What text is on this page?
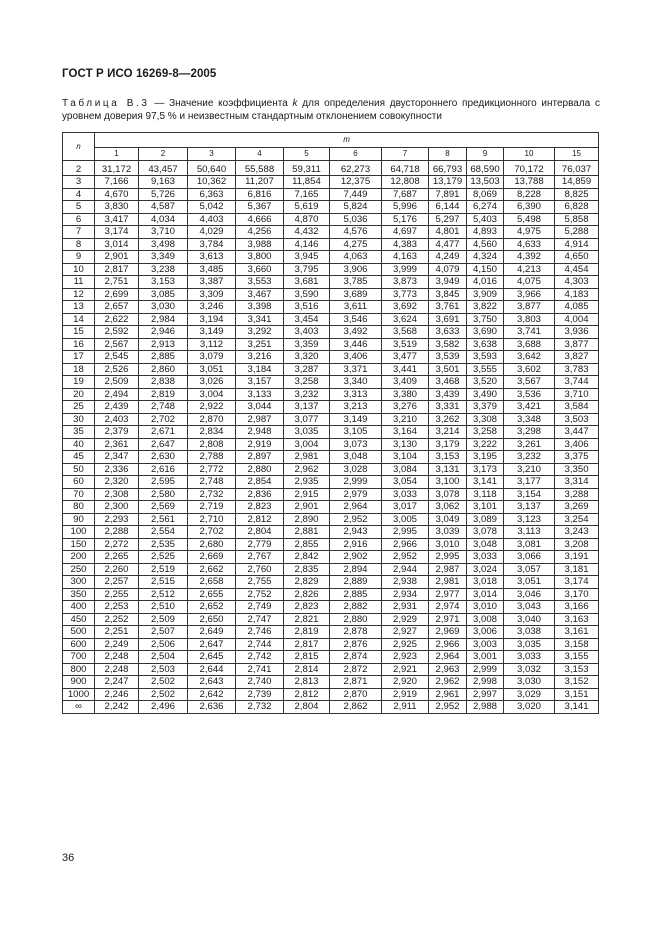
ГОСТ Р ИСО 16269-8—2005
Таблица В.3 — Значение коэффициента k для определения двустороннего предикционного интервала с уровнем доверия 97,5 % и неизвестным стандартным отклонением совокупности
n	m										
	1	2	3	4	5	6	7	8	9	10	15
2	31,172	43,457	50,640	55,588	59,311	62,273	64,718	66,793	68,590	70,172	76,037
3	7,166	9,163	10,362	11,207	11,854	12,375	12,808	13,179	13,503	13,788	14,859
4	4,670	5,726	6,363	6,816	7,165	7,449	7,687	7,891	8,069	8,228	8,825
5	3,830	4,587	5,042	5,367	5,619	5,824	5,996	6,144	6,274	6,390	6,828
6	3,417	4,034	4,403	4,666	4,870	5,036	5,176	5,297	5,403	5,498	5,858
7	3,174	3,710	4,029	4,256	4,432	4,576	4,697	4,801	4,893	4,975	5,288
8	3,014	3,498	3,784	3,988	4,146	4,275	4,383	4,477	4,560	4,633	4,914
9	2,901	3,349	3,613	3,800	3,945	4,063	4,163	4,249	4,324	4,392	4,650
10	2,817	3,238	3,485	3,660	3,795	3,906	3,999	4,079	4,150	4,213	4,454
11	2,751	3,153	3,387	3,553	3,681	3,785	3,873	3,949	4,016	4,075	4,303
12	2,699	3,085	3,309	3,467	3,590	3,689	3,773	3,845	3,909	3,966	4,183
13	2,657	3,030	3,246	3,398	3,516	3,611	3,692	3,761	3,822	3,877	4,085
14	2,622	2,984	3,194	3,341	3,454	3,546	3,624	3,691	3,750	3,803	4,004
15	2,592	2,946	3,149	3,292	3,403	3,492	3,568	3,633	3,690	3,741	3,936
16	2,567	2,913	3,112	3,251	3,359	3,446	3,519	3,582	3,638	3,688	3,877
17	2,545	2,885	3,079	3,216	3,320	3,406	3,477	3,539	3,593	3,642	3,827
18	2,526	2,860	3,051	3,184	3,287	3,371	3,441	3,501	3,555	3,602	3,783
19	2,509	2,838	3,026	3,157	3,258	3,340	3,409	3,468	3,520	3,567	3,744
20	2,494	2,819	3,004	3,133	3,232	3,313	3,380	3,439	3,490	3,536	3,710
25	2,439	2,748	2,922	3,044	3,137	3,213	3,276	3,331	3,379	3,421	3,584
30	2,403	2,702	2,870	2,987	3,077	3,149	3,210	3,262	3,308	3,348	3,503
35	2,379	2,671	2,834	2,948	3,035	3,105	3,164	3,214	3,258	3,298	3,447
40	2,361	2,647	2,808	2,919	3,004	3,073	3,130	3,179	3,222	3,261	3,406
45	2,347	2,630	2,788	2,897	2,981	3,048	3,104	3,153	3,195	3,232	3,375
50	2,336	2,616	2,772	2,880	2,962	3,028	3,084	3,131	3,173	3,210	3,350
60	2,320	2,595	2,748	2,854	2,935	2,999	3,054	3,100	3,141	3,177	3,314
70	2,308	2,580	2,732	2,836	2,915	2,979	3,033	3,078	3,118	3,154	3,288
80	2,300	2,569	2,719	2,823	2,901	2,964	3,017	3,062	3,101	3,137	3,269
90	2,293	2,561	2,710	2,812	2,890	2,952	3,005	3,049	3,089	3,123	3,254
100	2,288	2,554	2,702	2,804	2,881	2,943	2,995	3,039	3,078	3,113	3,243
150	2,272	2,535	2,680	2,779	2,855	2,916	2,966	3,010	3,048	3,081	3,208
200	2,265	2,525	2,669	2,767	2,842	2,902	2,952	2,995	3,033	3,066	3,191
250	2,260	2,519	2,662	2,760	2,835	2,894	2,944	2,987	3,024	3,057	3,181
300	2,257	2,515	2,658	2,755	2,829	2,889	2,938	2,981	3,018	3,051	3,174
350	2,255	2,512	2,655	2,752	2,826	2,885	2,934	2,977	3,014	3,046	3,170
400	2,253	2,510	2,652	2,749	2,823	2,882	2,931	2,974	3,010	3,043	3,166
450	2,252	2,509	2,650	2,747	2,821	2,880	2,929	2,971	3,008	3,040	3,163
500	2,251	2,507	2,649	2,746	2,819	2,878	2,927	2,969	3,006	3,038	3,161
600	2,249	2,506	2,647	2,744	2,817	2,876	2,925	2,966	3,003	3,035	3,158
700	2,248	2,504	2,645	2,742	2,815	2,874	2,923	2,964	3,001	3,033	3,155
800	2,248	2,503	2,644	2,741	2,814	2,872	2,921	2,963	2,999	3,032	3,153
900	2,247	2,502	2,643	2,740	2,813	2,871	2,920	2,962	2,998	3,030	3,152
1000	2,246	2,502	2,642	2,739	2,812	2,870	2,919	2,961	2,997	3,029	3,151
∞	2,242	2,496	2,636	2,732	2,804	2,862	2,911	2,952	2,988	3,020	3,141
36
